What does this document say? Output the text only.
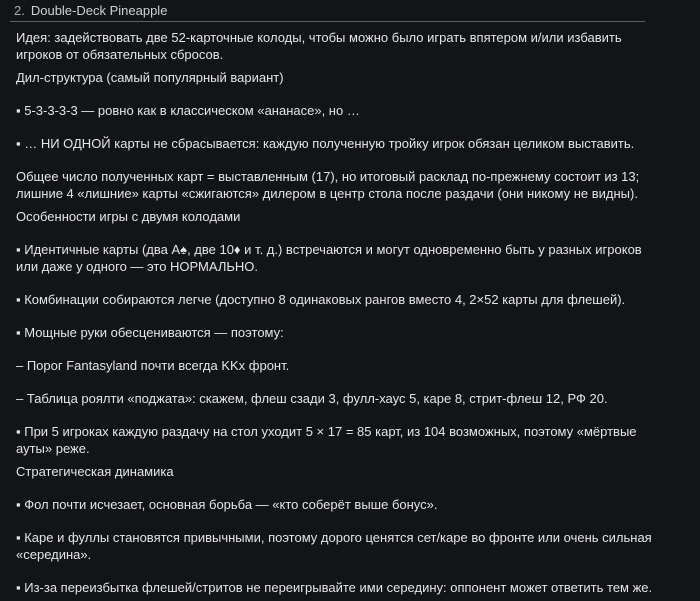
2. Double-Deck Pineapple

Идея: задействовать две 52-карточные колоды, чтобы можно было играть впятером и/или избавить

игроков от обязательных сбросов.

Дил-структура (самый популярный вариант)

▪ 5-3-3-3-3 — ровно как в классическом «ананасе», но …

▪ … НИ ОДНОЙ карты не сбрасывается: каждую полученную тройку игрок обязан целиком выставить.

Общее число полученных карт = выставленным (17), но итоговый расклад по-прежнему состоит из 13;

лишние 4 «лишние» карты «сжигаются» дилером в центр стола после раздачи (они никому не видны).

Особенности игры с двумя колодами

▪ Идентичные карты (два A♠, две 10♦ и т. д.) встречаются и могут одновременно быть у разных игроков

или даже у одного — это НОРМАЛЬНО.

▪ Комбинации собираются легче (доступно 8 одинаковых рангов вместо 4, 2×52 карты для флешей).

▪ Мощные руки обесцениваются — поэтому:

– Порог Fantasyland почти всегда KKx фронт.

– Таблица роялти «поджата»: скажем, флеш сзади 3, фулл-хаус 5, каре 8, стрит-флеш 12, РФ 20.

▪ При 5 игроках каждую раздачу на стол уходит 5 × 17 = 85 карт, из 104 возможных, поэтому «мёртвые

ауты» реже.

Стратегическая динамика

▪ Фол почти исчезает, основная борьба — «кто соберёт выше бонус».

▪ Каре и фуллы становятся привычными, поэтому дорого ценятся сет/каре во фронте или очень сильная

«середина».

▪ Из-за переизбытка флешей/стритов не переигрывайте ими середину: оппонент может ответить тем же.
